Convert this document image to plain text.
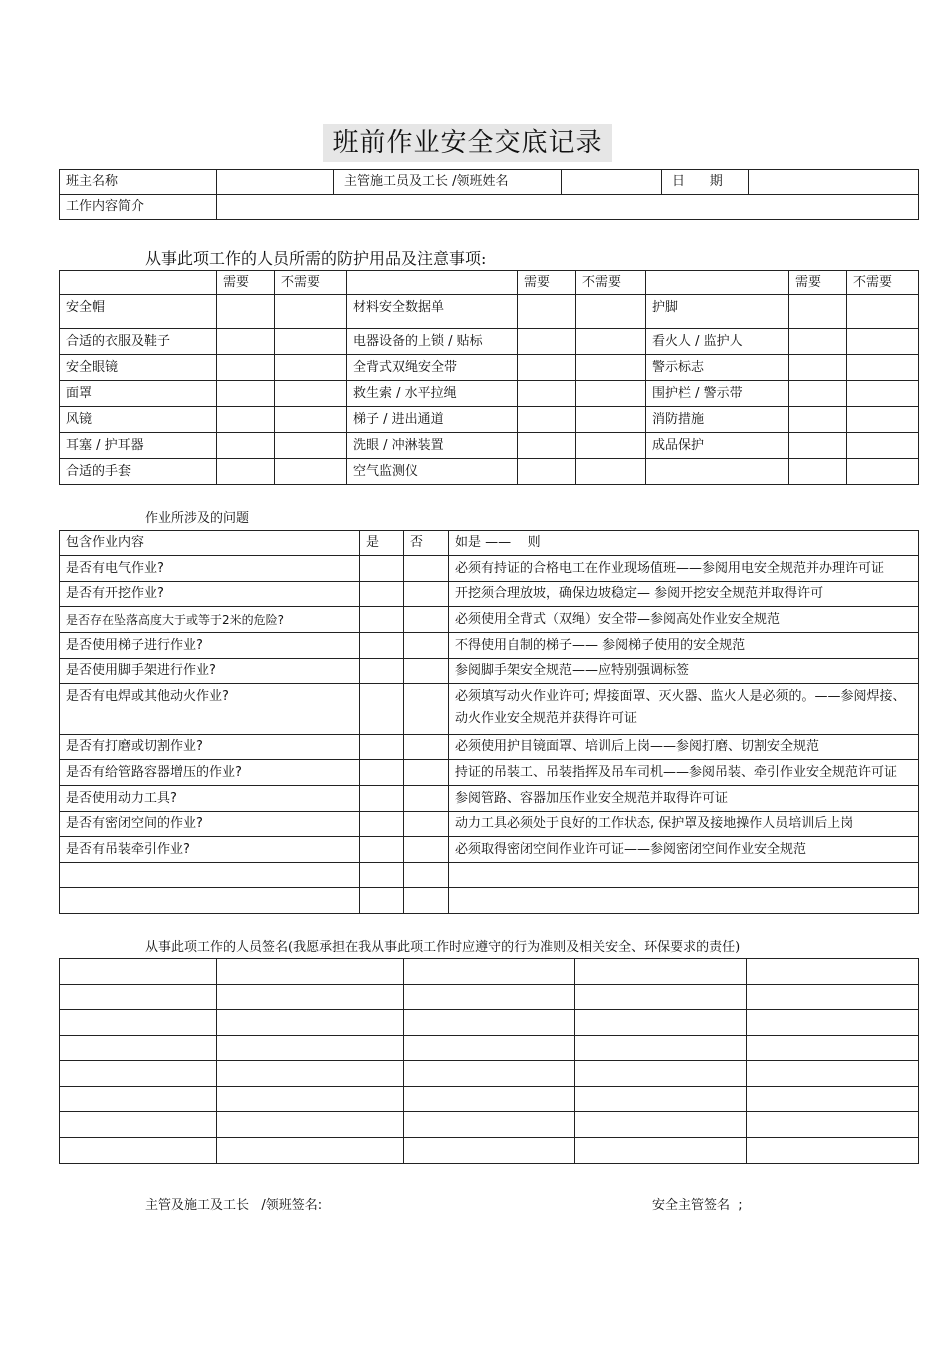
班前作业安全交底记录
班主名称		主管施工员及工长 /领班姓名		日      期	
工作内容简介					
从事此项工作的人员所需的防护用品及注意事项:
	需要	不需要		需要	不需要		需要	不需要
安全帽			材料安全数据单			护脚		
合适的衣服及鞋子			电器设备的上锁 / 贴标			看火人 / 监护人		
安全眼镜			全背式双绳安全带			警示标志		
面罩			救生索 / 水平拉绳			围护栏 / 警示带		
风镜			梯子 / 进出通道			消防措施		
耳塞 / 护耳器			洗眼 / 冲淋装置			成品保护		
合适的手套			空气监测仪					
作业所涉及的问题
包含作业内容	是	否	如是 ——    则
是否有电气作业?			必须有持证的合格电工在作业现场值班——参阅用电安全规范并办理许可证
是否有开挖作业?			开挖须合理放坡，确保边坡稳定— 参阅开挖安全规范并取得许可
是否存在坠落高度大于或等于2米的危险?			必须使用全背式（双绳）安全带—参阅高处作业安全规范
是否使用梯子进行作业?			不得使用自制的梯子—— 参阅梯子使用的安全规范
是否使用脚手架进行作业?			参阅脚手架安全规范——应特别强调标签
是否有电焊或其他动火作业?			必须填写动火作业许可; 焊接面罩、灭火器、监火人是必须的。——参阅焊接、动火作业安全规范并获得许可证
是否有打磨或切割作业?			必须使用护目镜面罩、培训后上岗——参阅打磨、切割安全规范
是否有给管路容器增压的作业?			持证的吊装工、吊装指挥及吊车司机——参阅吊装、牵引作业安全规范许可证
是否使用动力工具?			参阅管路、容器加压作业安全规范并取得许可证
是否有密闭空间的作业?			动力工具必须处于良好的工作状态, 保护罩及接地操作人员培训后上岗
是否有吊装牵引作业?			必须取得密闭空间作业许可证——参阅密闭空间作业安全规范

从事此项工作的人员签名(我愿承担在我从事此项工作时应遵守的行为准则及相关安全、环保要求的责任)

主管及施工及工长   /领班签名:	安全主管签名  ;
